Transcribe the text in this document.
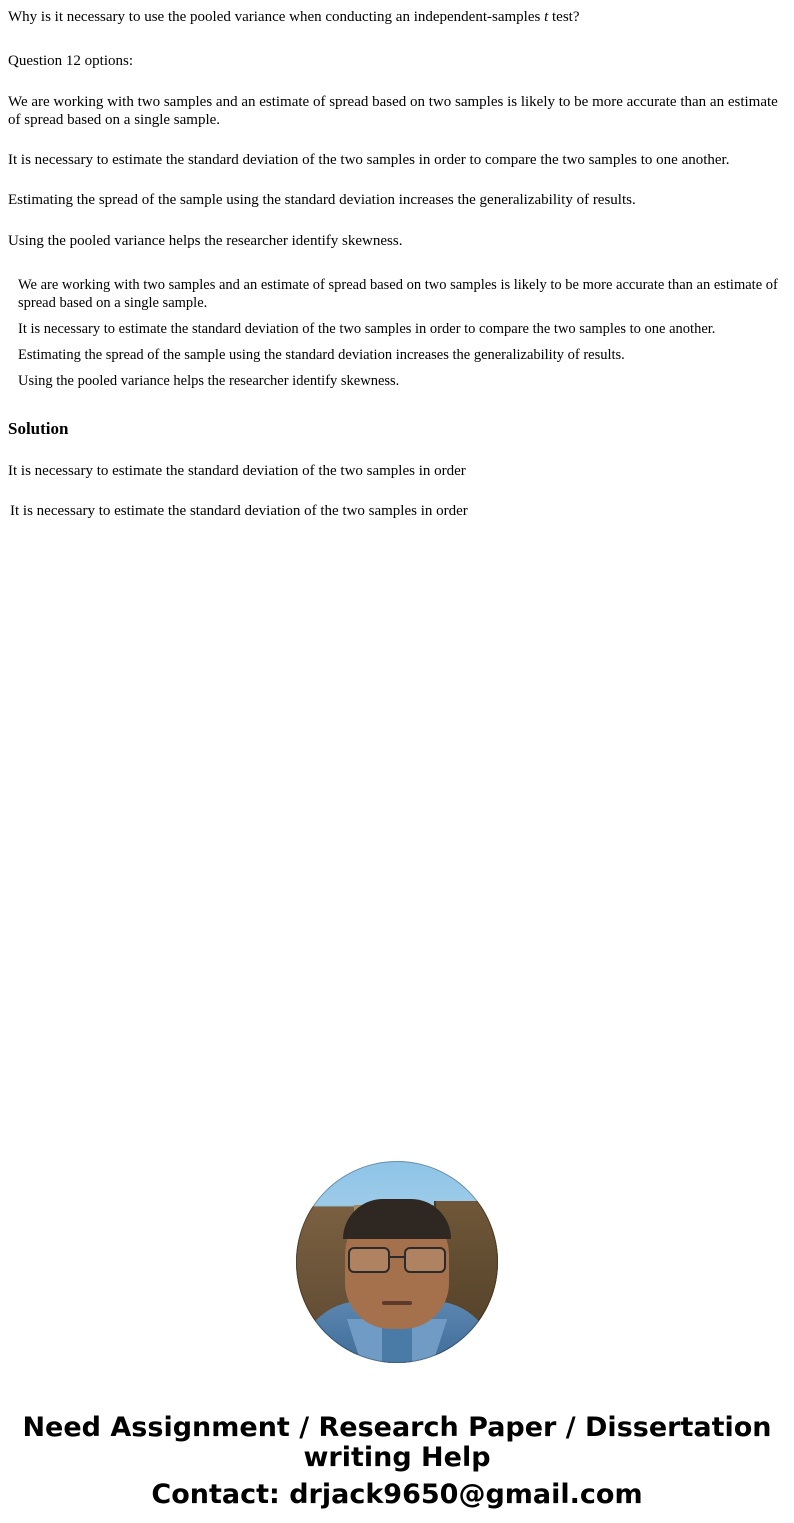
Why is it necessary to use the pooled variance when conducting an independent-samples t test?

Question 12 options:

We are working with two samples and an estimate of spread based on two samples is likely to be more accurate than an estimate of spread based on a single sample.

It is necessary to estimate the standard deviation of the two samples in order to compare the two samples to one another.

Estimating the spread of the sample using the standard deviation increases the generalizability of results.

Using the pooled variance helps the researcher identify skewness.

We are working with two samples and an estimate of spread based on two samples is likely to be more accurate than an estimate of spread based on a single sample.
It is necessary to estimate the standard deviation of the two samples in order to compare the two samples to one another.
Estimating the spread of the sample using the standard deviation increases the generalizability of results.
Using the pooled variance helps the researcher identify skewness.
Solution

It is necessary to estimate the standard deviation of the two samples in order

It is necessary to estimate the standard deviation of the two samples in order
Need Assignment / Research Paper / Dissertation writing Help
Contact: drjack9650@gmail.com
